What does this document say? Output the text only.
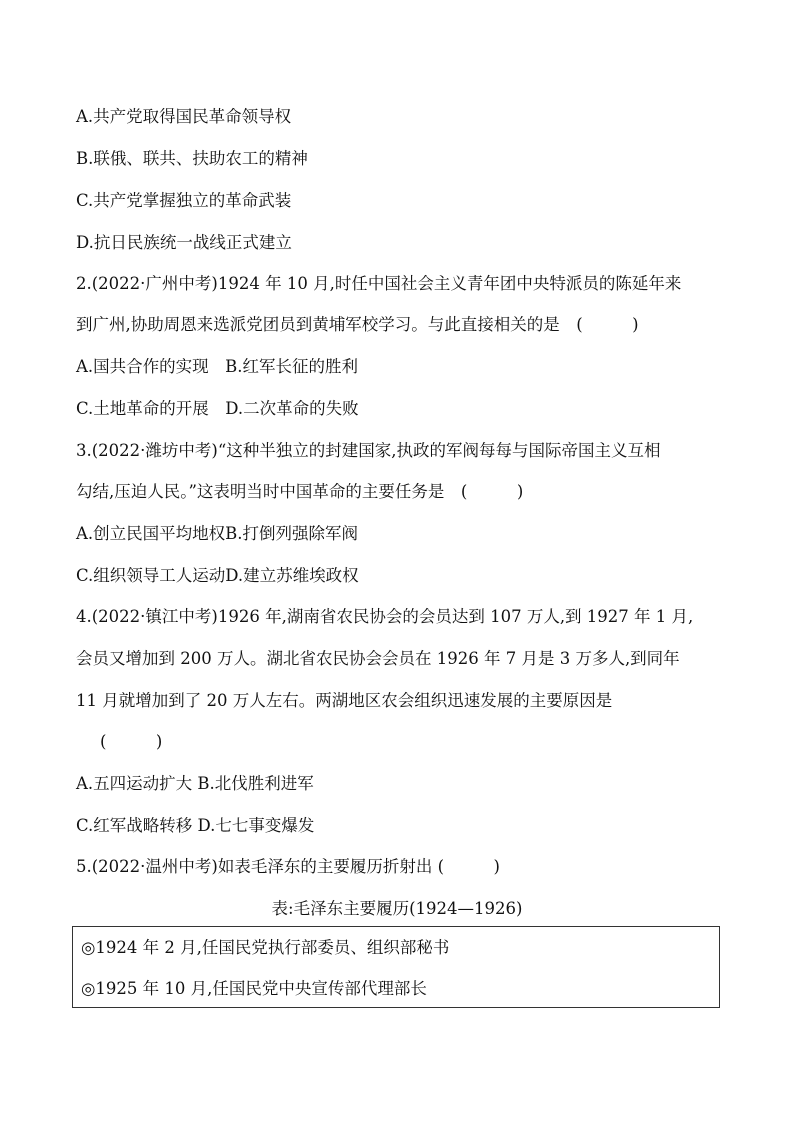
A.共产党取得国民革命领导权
B.联俄、联共、扶助农工的精神
C.共产党掌握独立的革命武装
D.抗日民族统一战线正式建立
2.(2022·广州中考)1924 年 10 月,时任中国社会主义青年团中央特派员的陈延年来
到广州,协助周恩来选派党团员到黄埔军校学习。与此直接相关的是　(　　　)
A.国共合作的实现　B.红军长征的胜利
C.土地革命的开展　D.二次革命的失败
3.(2022·潍坊中考)“这种半独立的封建国家,执政的军阀每每与国际帝国主义互相
勾结,压迫人民。”这表明当时中国革命的主要任务是　(　　　)
A.创立民国平均地权B.打倒列强除军阀
C.组织领导工人运动D.建立苏维埃政权
4.(2022·镇江中考)1926 年,湖南省农民协会的会员达到 107 万人,到 1927 年 1 月,
会员又增加到 200 万人。湖北省农民协会会员在 1926 年 7 月是 3 万多人,到同年
11 月就增加到了 20 万人左右。两湖地区农会组织迅速发展的主要原因是
(　　　)
A.五四运动扩大 B.北伐胜利进军
C.红军战略转移 D.七七事变爆发
5.(2022·温州中考)如表毛泽东的主要履历折射出 (　　　)
表:毛泽东主要履历(1924—1926)
◎1924 年 2 月,任国民党执行部委员、组织部秘书
◎1925 年 10 月,任国民党中央宣传部代理部长
